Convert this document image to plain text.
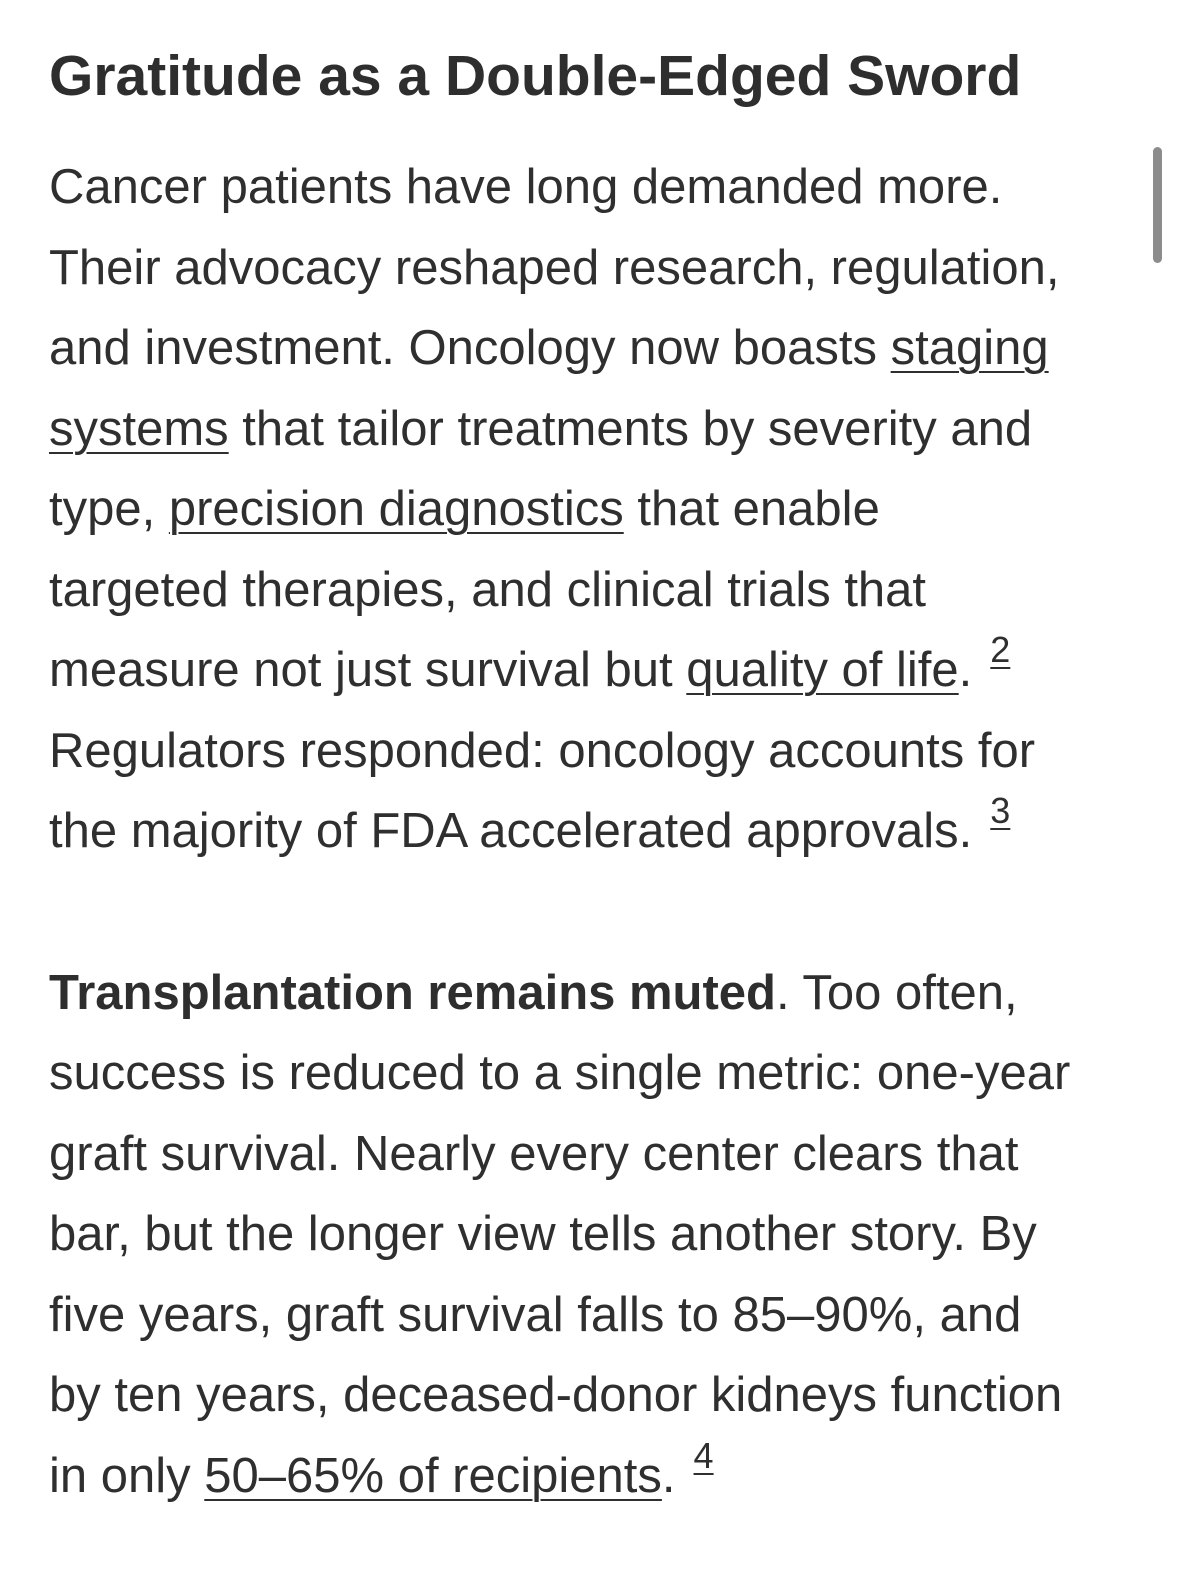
Gratitude as a Double-Edged Sword

Cancer patients have long demanded more.
Their advocacy reshaped research, regulation,
and investment. Oncology now boasts staging
systems that tailor treatments by severity and
type, precision diagnostics that enable
targeted therapies, and clinical trials that
measure not just survival but quality of life. 2
Regulators responded: oncology accounts for
the majority of FDA accelerated approvals. 3

Transplantation remains muted. Too often,
success is reduced to a single metric: one-year
graft survival. Nearly every center clears that
bar, but the longer view tells another story. By
five years, graft survival falls to 85–90%, and
by ten years, deceased-donor kidneys function
in only 50–65% of recipients. 4
